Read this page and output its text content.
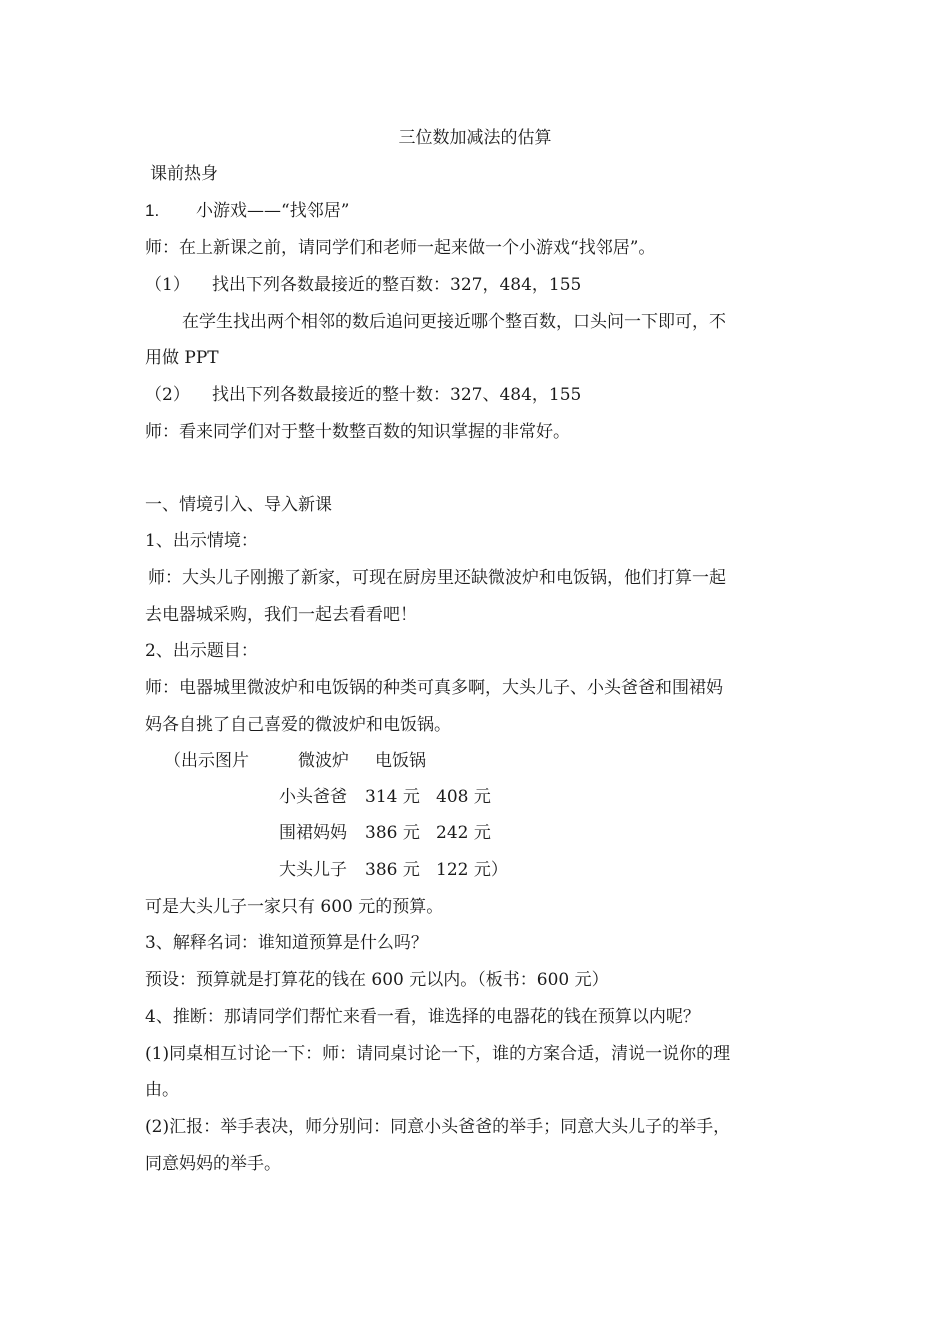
三位数加减法的估算
课前热身
1. 小游戏——“找邻居”
师：在上新课之前，请同学们和老师一起来做一个小游戏“找邻居”。
（1） 找出下列各数最接近的整百数：327，484，155
在学生找出两个相邻的数后追问更接近哪个整百数，口头问一下即可，不
用做 PPT
（2） 找出下列各数最接近的整十数：327、484，155
师：看来同学们对于整十数整百数的知识掌握的非常好。
一、情境引入、导入新课
1、出示情境：
师：大头儿子刚搬了新家，可现在厨房里还缺微波炉和电饭锅，他们打算一起
去电器城采购，我们一起去看看吧！
2、出示题目：
师：电器城里微波炉和电饭锅的种类可真多啊，大头儿子、小头爸爸和围裙妈
妈各自挑了自己喜爱的微波炉和电饭锅。
（出示图片	微波炉 电饭锅
小头爸爸 314 元 408 元
围裙妈妈 386 元 242 元
大头儿子 386 元 122 元）
可是大头儿子一家只有 600 元的预算。
3、解释名词：谁知道预算是什么吗？
预设：预算就是打算花的钱在 600 元以内。（板书：600 元）
4、推断：那请同学们帮忙来看一看，谁选择的电器花的钱在预算以内呢？
(1)同桌相互讨论一下：师：请同桌讨论一下，谁的方案合适，清说一说你的理
由。
(2)汇报：举手表决，师分别问：同意小头爸爸的举手；同意大头儿子的举手，
同意妈妈的举手。
